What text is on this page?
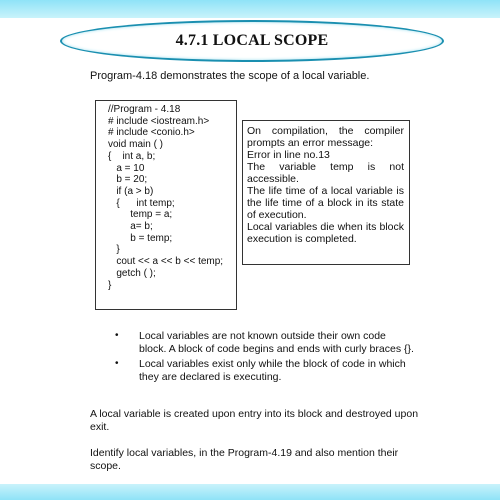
4.7.1 LOCAL SCOPE
Program-4.18 demonstrates the scope of a local variable.
//Program - 4.18
# include <iostream.h>
# include <conio.h>
void main ( )
{    int a, b;
a = 10
b = 20;
if (a > b)
{      int temp;
temp = a;
a= b;
b = temp;
}
cout << a << b << temp;
getch ( );
}

On compilation, the compiler

prompts an error message:

Error in line no.13

The variable temp is not

accessible.

The life time of a local variable is

the life time of a block in its state

of execution.

Local variables die when its block

execution is completed.

• Local variables are not known outside their own code block. A block of code begins and ends with curly braces {}.
• Local variables exist only while the block of code in which they are declared is executing.
A local variable is created upon entry into its block and destroyed upon exit.
Identify local variables, in the Program-4.19 and also mention their scope.
